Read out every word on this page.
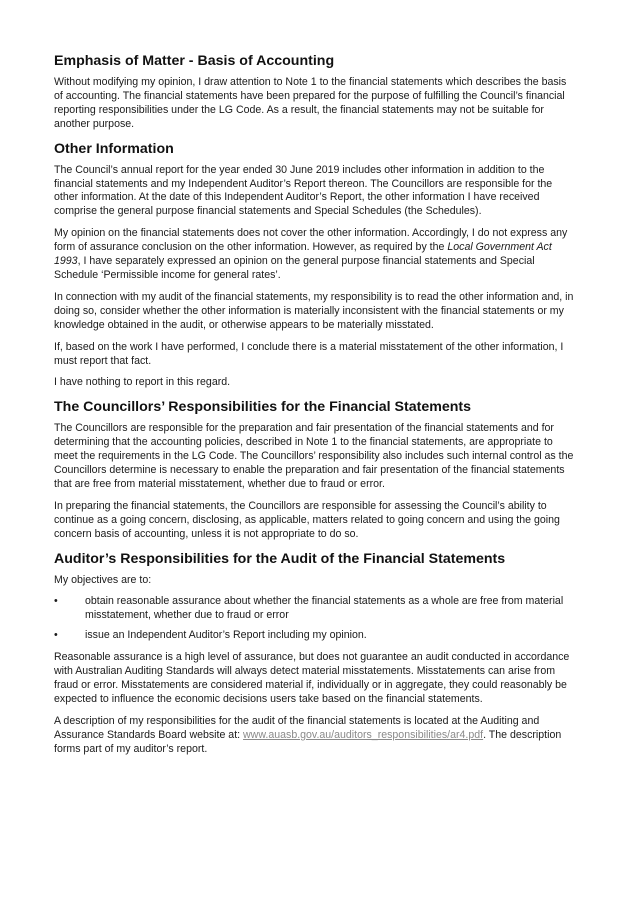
Emphasis of Matter - Basis of Accounting

Without modifying my opinion, I draw attention to Note 1 to the financial statements which describes the basis of accounting. The financial statements have been prepared for the purpose of fulfilling the Council’s financial reporting responsibilities under the LG Code. As a result, the financial statements may not be suitable for another purpose.

Other Information

The Council’s annual report for the year ended 30 June 2019 includes other information in addition to the financial statements and my Independent Auditor’s Report thereon. The Councillors are responsible for the other information. At the date of this Independent Auditor’s Report, the other information I have received comprise the general purpose financial statements and Special Schedules (the Schedules).

My opinion on the financial statements does not cover the other information. Accordingly, I do not express any form of assurance conclusion on the other information. However, as required by the Local Government Act 1993, I have separately expressed an opinion on the general purpose financial statements and Special Schedule ‘Permissible income for general rates’.

In connection with my audit of the financial statements, my responsibility is to read the other information and, in doing so, consider whether the other information is materially inconsistent with the financial statements or my knowledge obtained in the audit, or otherwise appears to be materially misstated.

If, based on the work I have performed, I conclude there is a material misstatement of the other information, I must report that fact.

I have nothing to report in this regard.

The Councillors’ Responsibilities for the Financial Statements

The Councillors are responsible for the preparation and fair presentation of the financial statements and for determining that the accounting policies, described in Note 1 to the financial statements, are appropriate to meet the requirements in the LG Code. The Councillors’ responsibility also includes such internal control as the Councillors determine is necessary to enable the preparation and fair presentation of the financial statements that are free from material misstatement, whether due to fraud or error.

In preparing the financial statements, the Councillors are responsible for assessing the Council’s ability to continue as a going concern, disclosing, as applicable, matters related to going concern and using the going concern basis of accounting, unless it is not appropriate to do so.

Auditor’s Responsibilities for the Audit of the Financial Statements

My objectives are to:

•	obtain reasonable assurance about whether the financial statements as a whole are free from material misstatement, whether due to fraud or error
•	issue an Independent Auditor’s Report including my opinion.

Reasonable assurance is a high level of assurance, but does not guarantee an audit conducted in accordance with Australian Auditing Standards will always detect material misstatements. Misstatements can arise from fraud or error. Misstatements are considered material if, individually or in aggregate, they could reasonably be expected to influence the economic decisions users take based on the financial statements.

A description of my responsibilities for the audit of the financial statements is located at the Auditing and Assurance Standards Board website at: www.auasb.gov.au/auditors_responsibilities/ar4.pdf. The description forms part of my auditor’s report.
